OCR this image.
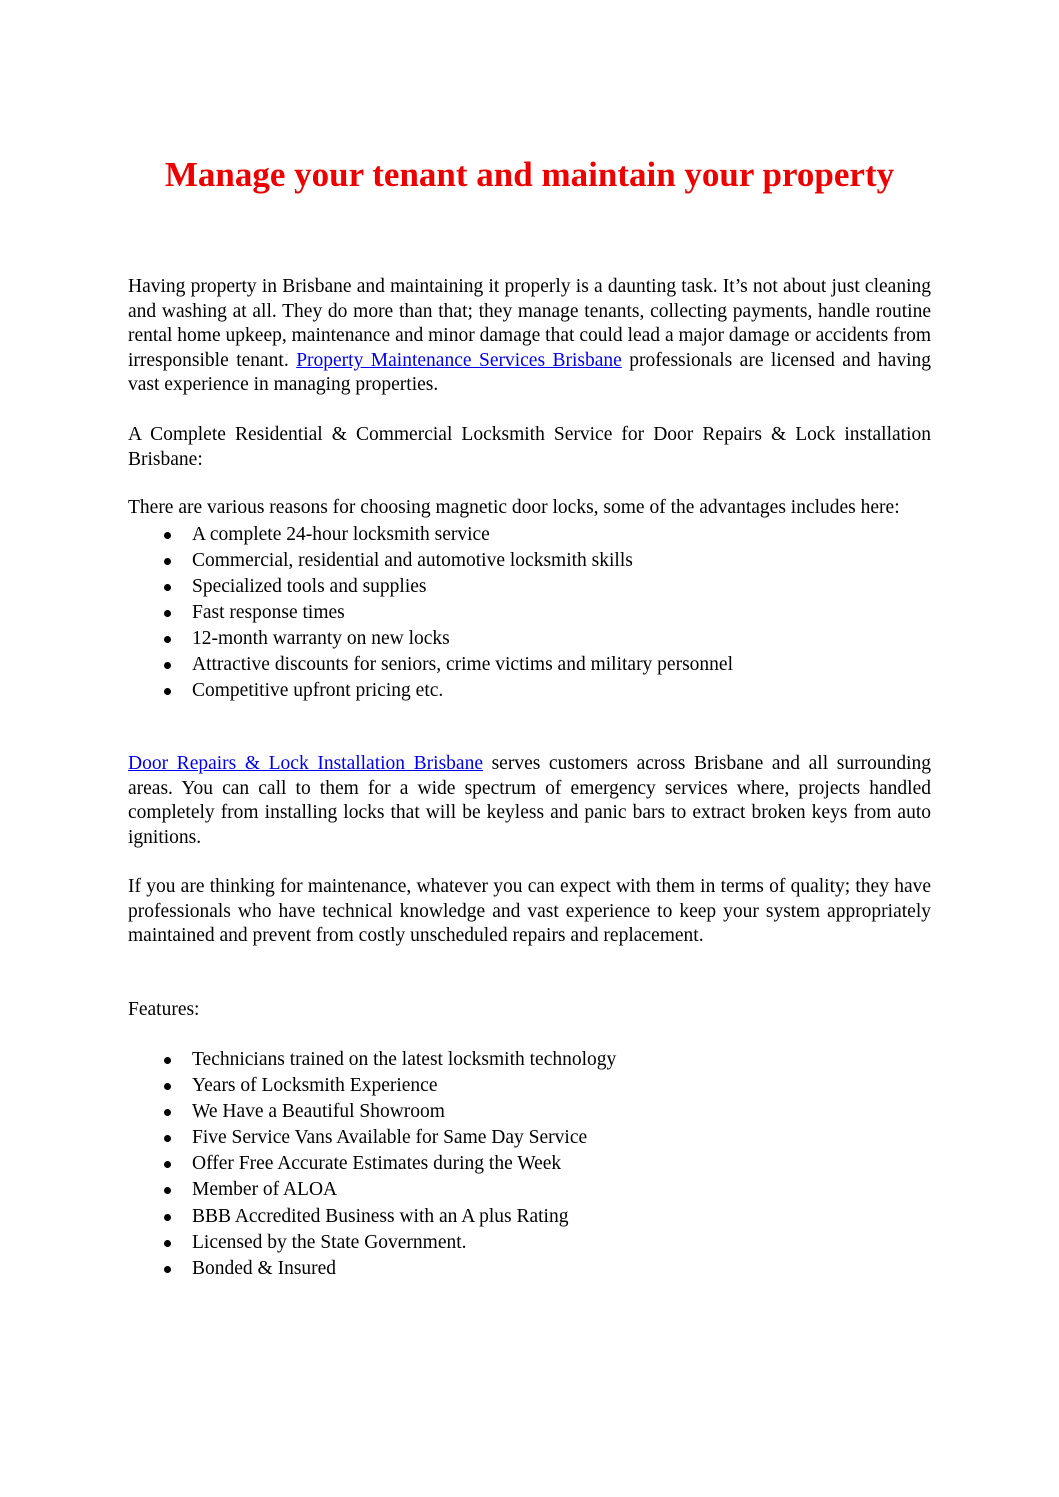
Manage your tenant and maintain your property

Having property in Brisbane and maintaining it properly is a daunting task. It’s not about just cleaning and washing at all. They do more than that; they manage tenants, collecting payments, handle routine rental home upkeep, maintenance and minor damage that could lead a major damage or accidents from irresponsible tenant. Property Maintenance Services Brisbane professionals are licensed and having vast experience in managing properties.

A Complete Residential & Commercial Locksmith Service for Door Repairs & Lock installation Brisbane:

There are various reasons for choosing magnetic door locks, some of the advantages includes here:

A complete 24-hour locksmith service
Commercial, residential and automotive locksmith skills
Specialized tools and supplies
Fast response times
12-month warranty on new locks
Attractive discounts for seniors, crime victims and military personnel
Competitive upfront pricing etc.

Door Repairs & Lock Installation Brisbane serves customers across Brisbane and all surrounding areas. You can call to them for a wide spectrum of emergency services where, projects handled completely from installing locks that will be keyless and panic bars to extract broken keys from auto ignitions.

If you are thinking for maintenance, whatever you can expect with them in terms of quality; they have professionals who have technical knowledge and vast experience to keep your system appropriately maintained and prevent from costly unscheduled repairs and replacement.

Features:

Technicians trained on the latest locksmith technology
Years of Locksmith Experience
We Have a Beautiful Showroom
Five Service Vans Available for Same Day Service
Offer Free Accurate Estimates during the Week
Member of ALOA
BBB Accredited Business with an A plus Rating
Licensed by the State Government.
Bonded & Insured
